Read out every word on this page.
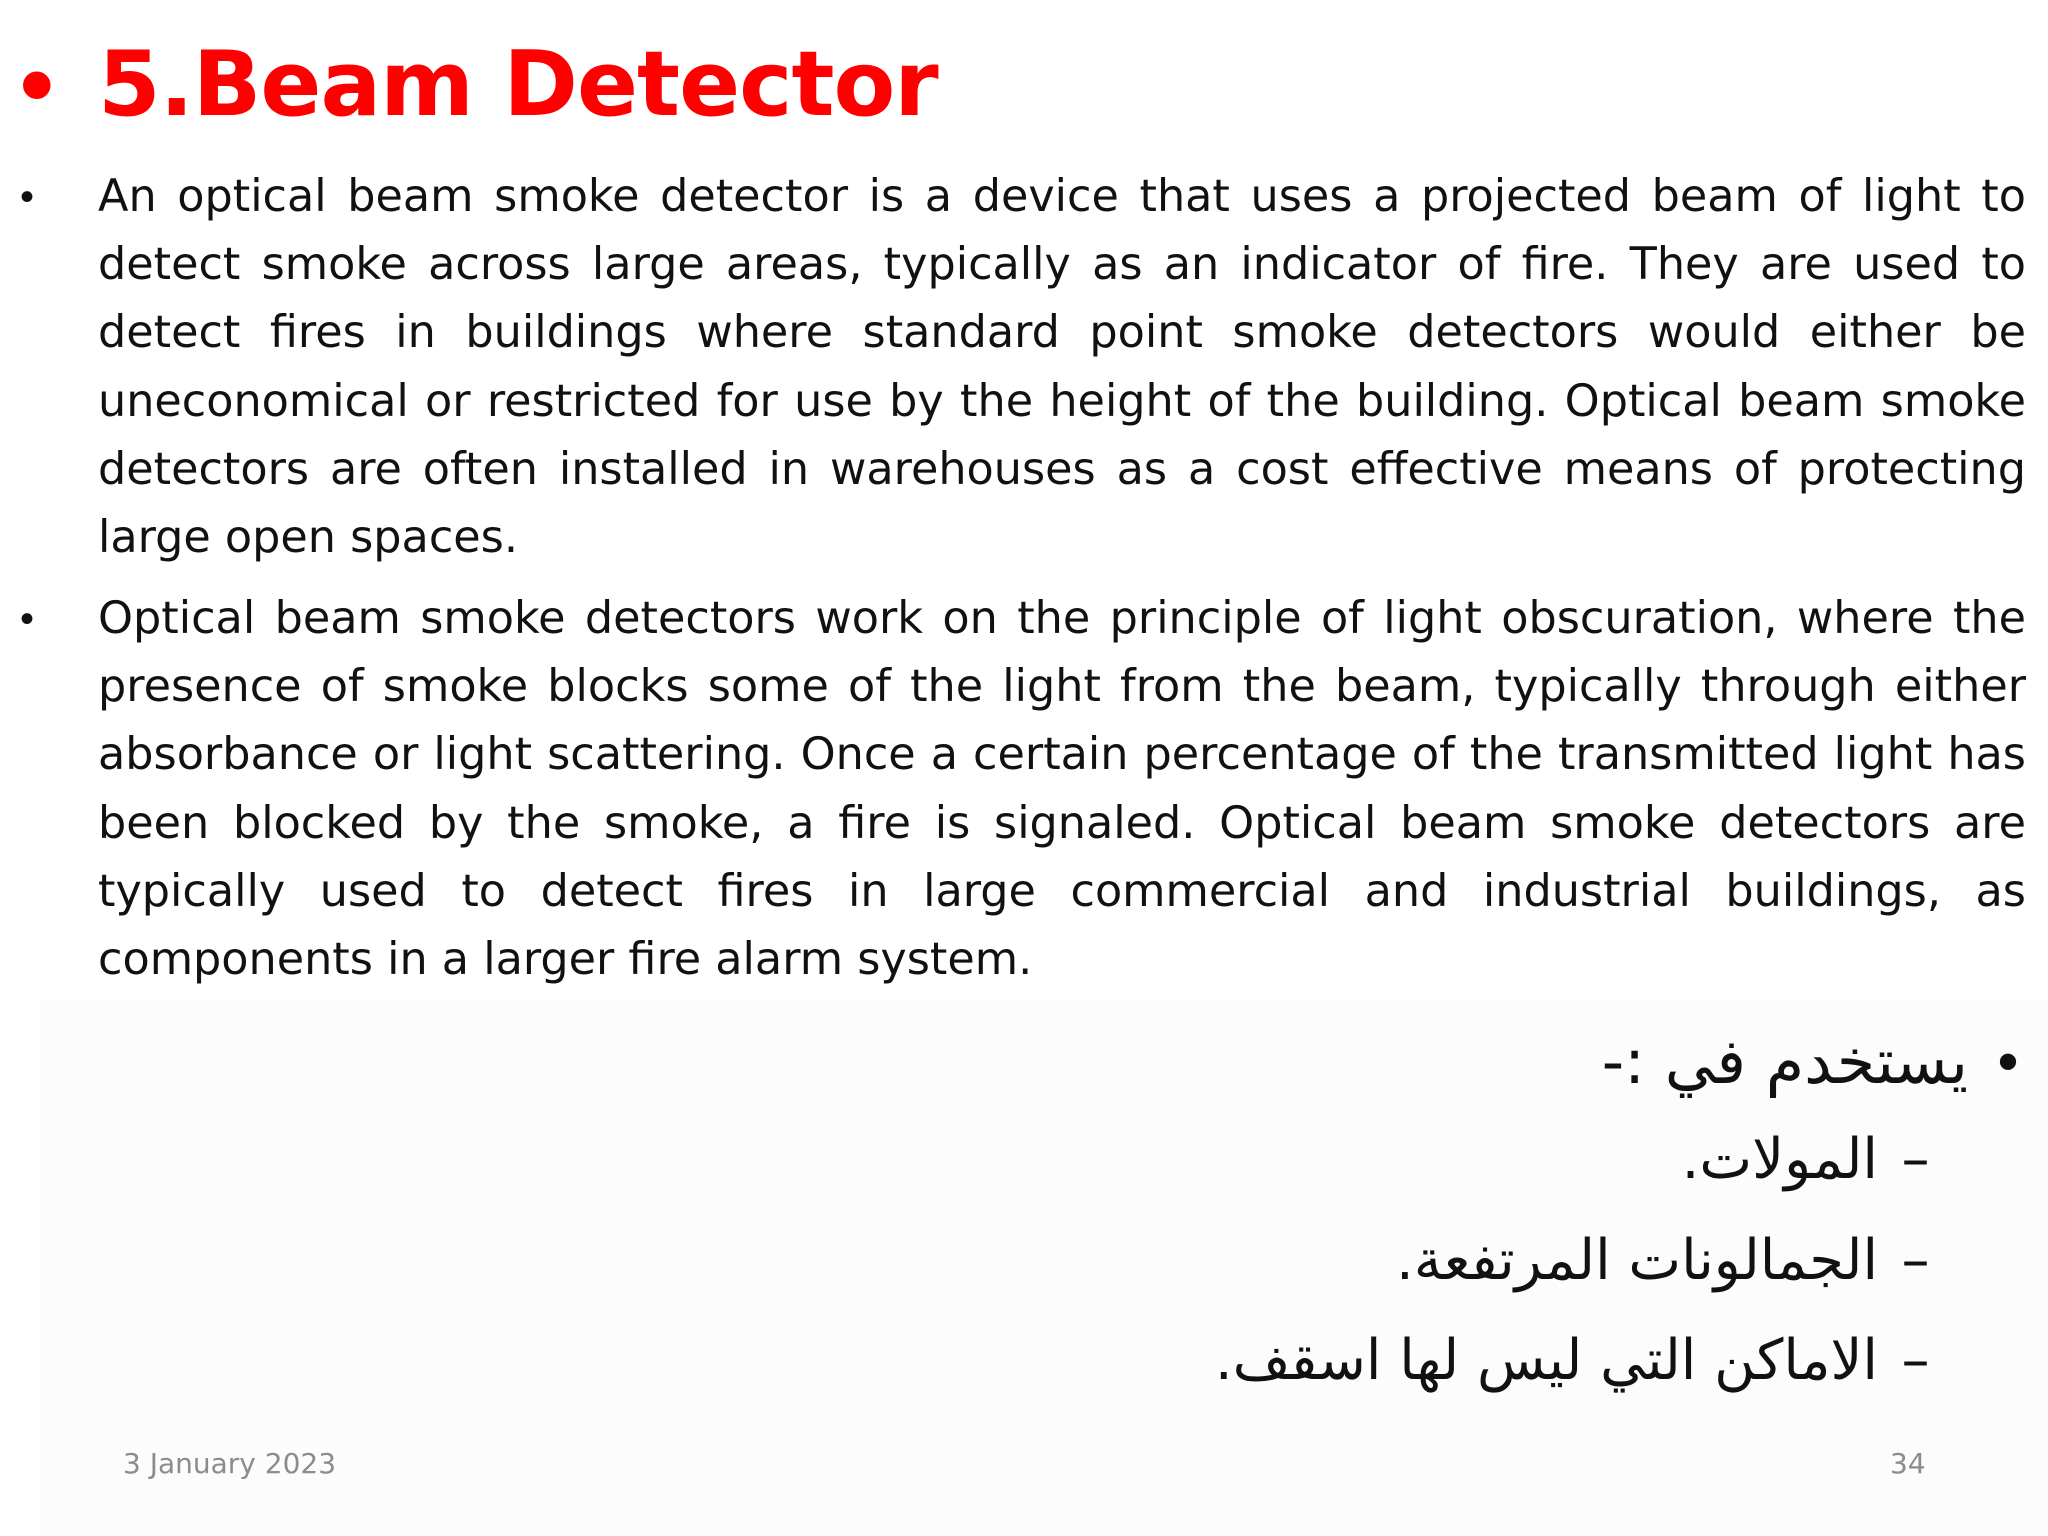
• 5.Beam Detector
• An optical beam smoke detector is a device that uses a projected beam of light to detect smoke across large areas, typically as an indicator of fire. They are used to detect fires in buildings where standard point smoke detectors would either be uneconomical or restricted for use by the height of the building. Optical beam smoke detectors are often installed in warehouses as a cost effective means of protecting large open spaces.
• Optical beam smoke detectors work on the principle of light obscuration, where the presence of smoke blocks some of the light from the beam, typically through either absorbance or light scattering. Once a certain percentage of the transmitted light has been blocked by the smoke, a fire is signaled. Optical beam smoke detectors are typically used to detect fires in large commercial and industrial buildings, as components in a larger fire alarm system.
•
يستخدم في :-
–
المولات.
–
الجمالونات المرتفعة.
–
الاماكن التي ليس لها اسقف.
3 January 2023	34
